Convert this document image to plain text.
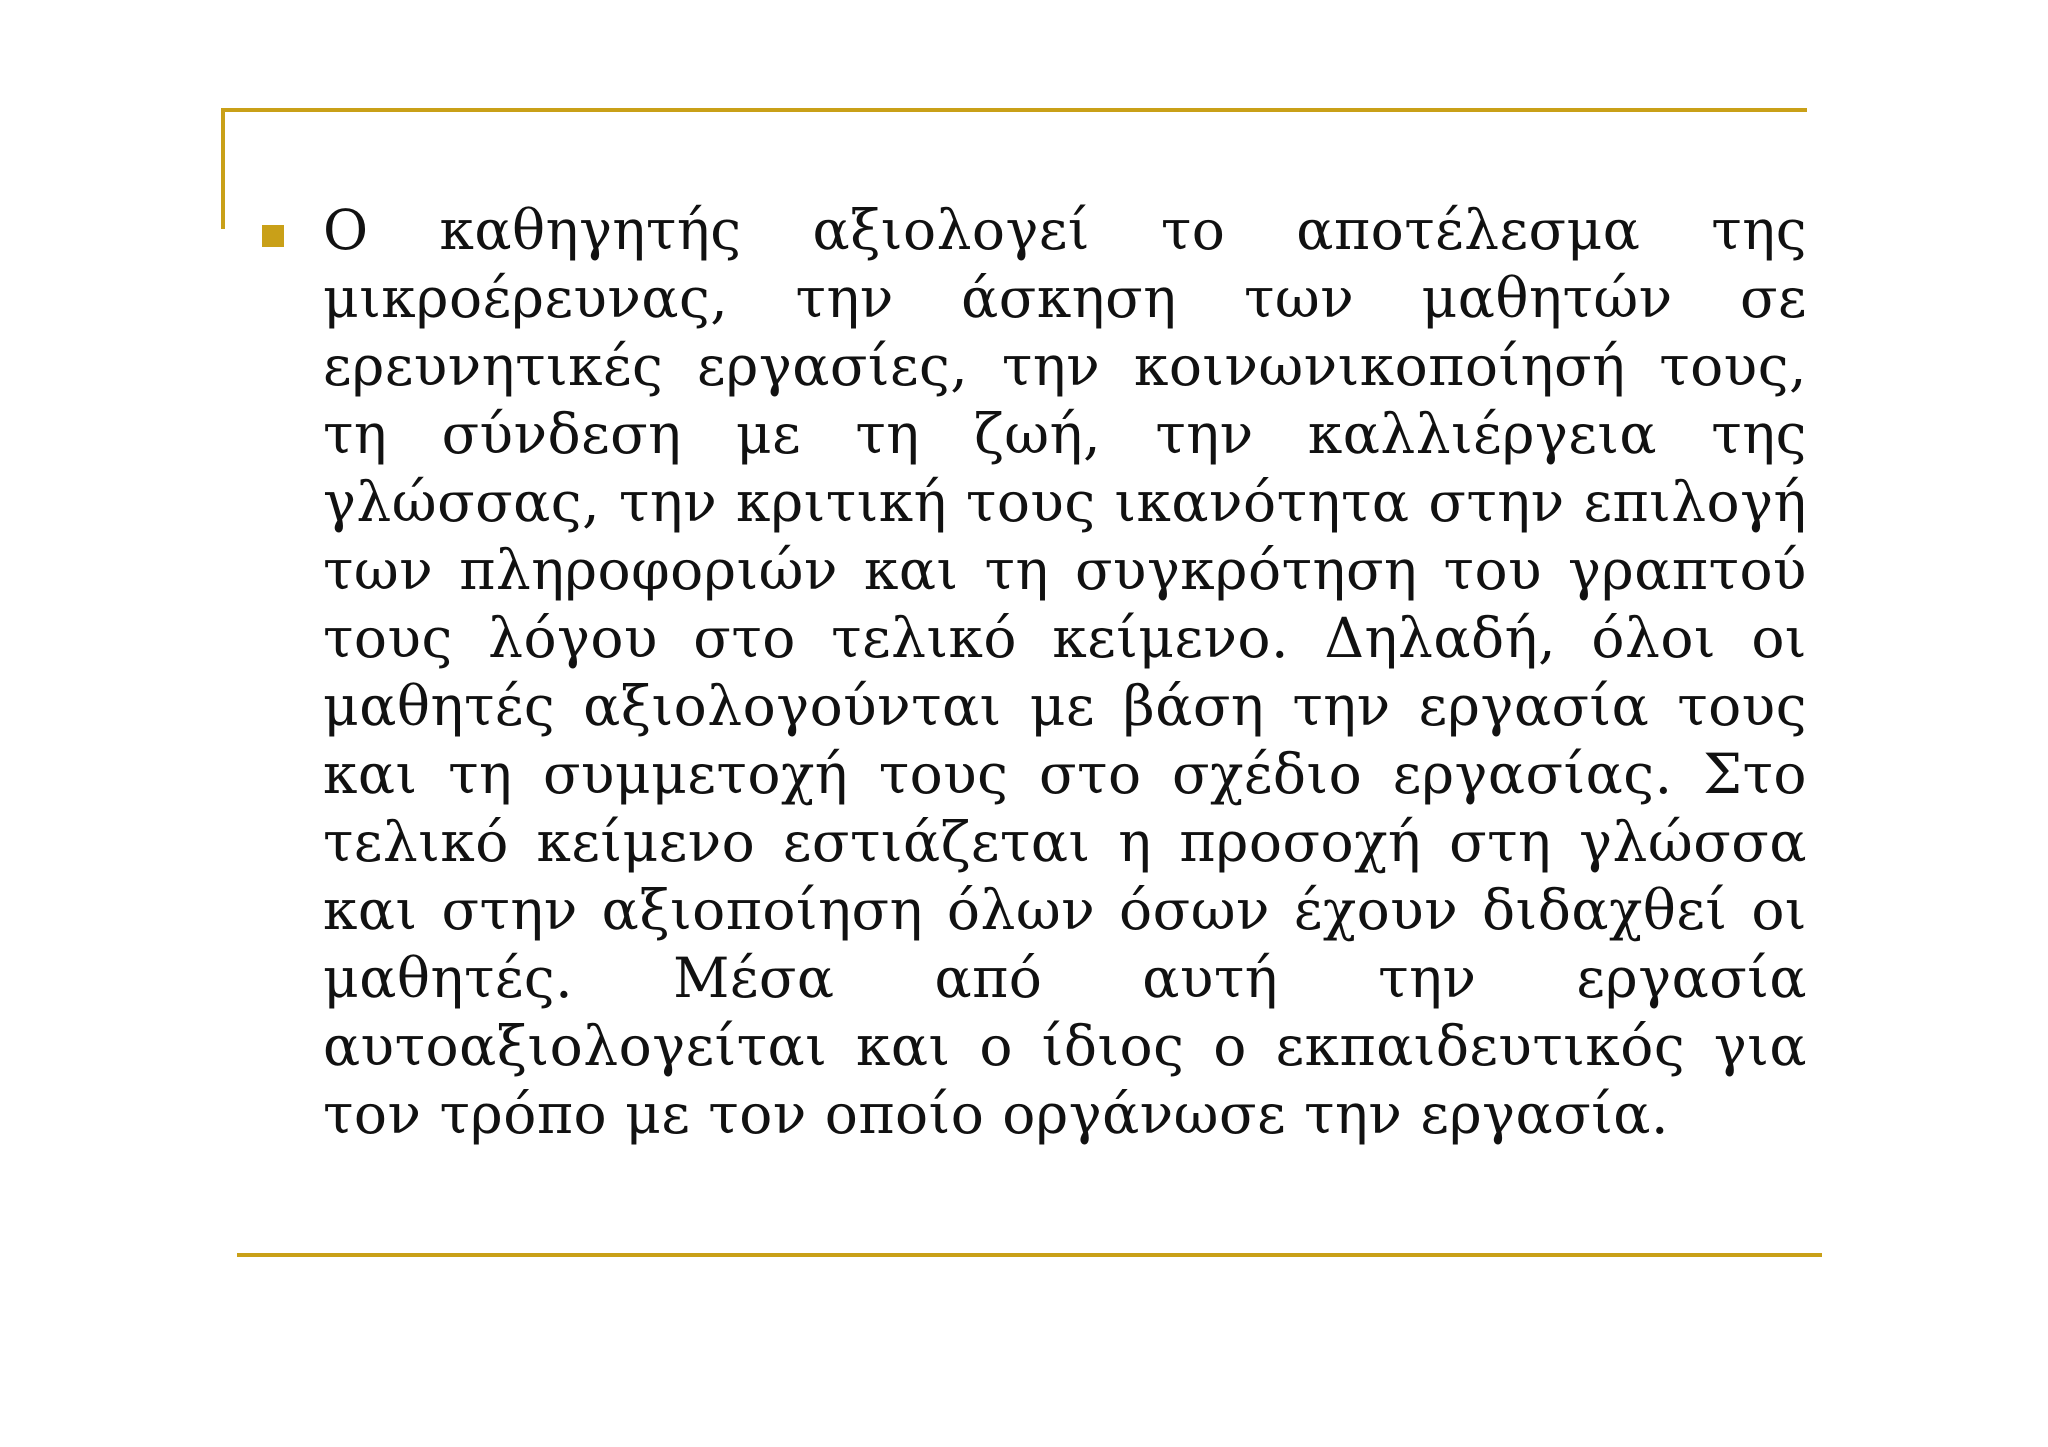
Ο καθηγητής αξιολογεί το αποτέλεσμα της μικροέρευνας, την άσκηση των μαθητών σε ερευνητικές εργασίες, την κοινωνικοποίησή τους, τη σύνδεση με τη ζωή, την καλλιέργεια της γλώσσας, την κριτική τους ικανότητα στην επιλογή των πληροφοριών και τη συγκρότηση του γραπτού τους λόγου στο τελικό κείμενο. Δηλαδή, όλοι οι μαθητές αξιολογούνται με βάση την εργασία τους και τη συμμετοχή τους στο σχέδιο εργασίας. Στο τελικό κείμενο εστιάζεται η προσοχή στη γλώσσα και στην αξιοποίηση όλων όσων έχουν διδαχθεί οι μαθητές. Μέσα από αυτή την εργασία αυτοαξιολογείται και ο ίδιος ο εκπαιδευτικός για τον τρόπο με τον οποίο οργάνωσε την εργασία.
